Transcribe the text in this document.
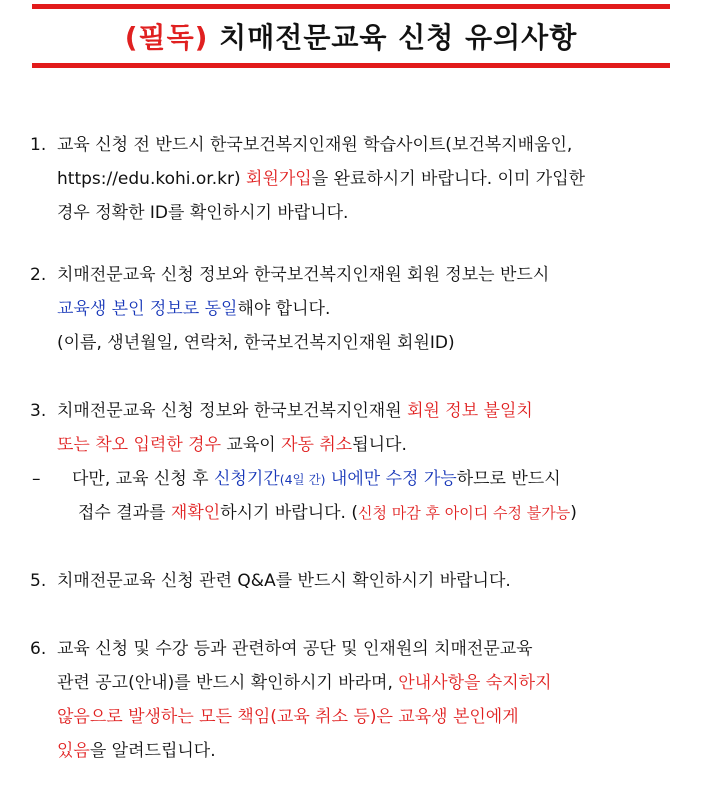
(필독) 치매전문교육 신청 유의사항
1. 교육 신청 전 반드시 한국보건복지인재원 학습사이트(보건복지배움인,
https://edu.kohi.or.kr) 회원가입을 완료하시기 바랍니다. 이미 가입한
경우 정확한 ID를 확인하시기 바랍니다.
2. 치매전문교육 신청 정보와 한국보건복지인재원 회원 정보는 반드시
교육생 본인 정보로 동일해야 합니다.
(이름, 생년월일, 연락처, 한국보건복지인재원 회원ID)
3. 치매전문교육 신청 정보와 한국보건복지인재원 회원 정보 불일치
또는 착오 입력한 경우 교육이 자동 취소됩니다.
– 다만, 교육 신청 후 신청기간(4일 간) 내에만 수정 가능하므로 반드시
접수 결과를 재확인하시기 바랍니다. (신청 마감 후 아이디 수정 불가능)
5. 치매전문교육 신청 관련 Q&A를 반드시 확인하시기 바랍니다.
6. 교육 신청 및 수강 등과 관련하여 공단 및 인재원의 치매전문교육
관련 공고(안내)를 반드시 확인하시기 바라며, 안내사항을 숙지하지
않음으로 발생하는 모든 책임(교육 취소 등)은 교육생 본인에게
있음을 알려드립니다.
